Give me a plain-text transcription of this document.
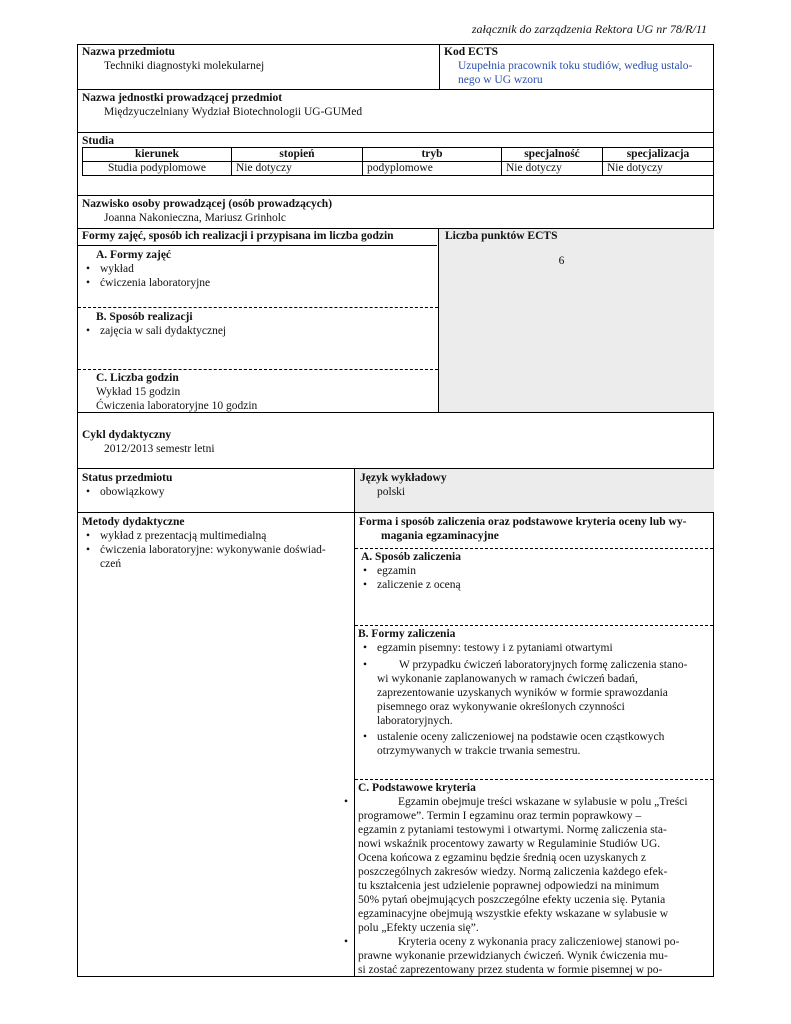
załącznik do zarządzenia Rektora UG nr 78/R/11
Nazwa przedmiotu
Techniki diagnostyki molekularnej
Kod ECTS
Uzupełnia pracownik toku studiów, według ustalo-
nego w UG wzoru
Nazwa jednostki prowadzącej przedmiot
Międzyuczelniany Wydział Biotechnologii UG-GUMed
Studia
kierunek	stopień	tryb	specjalność	specjalizacja
Studia podyplomowe	Nie dotyczy	podyplomowe	Nie dotyczy	Nie dotyczy
Nazwisko osoby prowadzącej (osób prowadzących)
Joanna Nakonieczna, Mariusz Grinholc
Liczba punktów ECTS
6
Formy zajęć, sposób ich realizacji i przypisana im liczba godzin
A. Formy zajęć
• wykład
• ćwiczenia laboratoryjne
B. Sposób realizacji
• zajęcia w sali dydaktycznej
C. Liczba godzin
Wykład 15 godzin
Ćwiczenia laboratoryjne 10 godzin
Cykl dydaktyczny
2012/2013 semestr letni
Status przedmiotu
• obowiązkowy
Język wykładowy
polski
Metody dydaktyczne
• wykład z prezentacją multimedialną
• ćwiczenia laboratoryjne: wykonywanie doświad-
czeń
Forma i sposób zaliczenia oraz podstawowe kryteria oceny lub wy-
magania egzaminacyjne
A. Sposób zaliczenia
• egzamin
• zaliczenie z oceną
B. Formy zaliczenia
• egzamin pisemny: testowy i z pytaniami otwartymi
• W przypadku ćwiczeń laboratoryjnych formę zaliczenia stano-
wi wykonanie zaplanowanych w ramach ćwiczeń badań,
zaprezentowanie uzyskanych wyników w formie sprawozdania
pisemnego oraz wykonywanie określonych czynności
laboratoryjnych.
• ustalenie oceny zaliczeniowej na podstawie ocen cząstkowych
otrzymywanych w trakcie trwania semestru.
C. Podstawowe kryteria
• Egzamin obejmuje treści wskazane w sylabusie w polu „Treści
programowe”. Termin I egzaminu oraz termin poprawkowy –
egzamin z pytaniami testowymi i otwartymi. Normę zaliczenia sta-
nowi wskaźnik procentowy zawarty w Regulaminie Studiów UG.
Ocena końcowa z egzaminu będzie średnią ocen uzyskanych z
poszczególnych zakresów wiedzy. Normą zaliczenia każdego efek-
tu kształcenia jest udzielenie poprawnej odpowiedzi na minimum
50% pytań obejmujących poszczególne efekty uczenia się. Pytania
egzaminacyjne obejmują wszystkie efekty wskazane w sylabusie w
polu „Efekty uczenia się”.
• Kryteria oceny z wykonania pracy zaliczeniowej stanowi po-
prawne wykonanie przewidzianych ćwiczeń. Wynik ćwiczenia mu-
si zostać zaprezentowany przez studenta w formie pisemnej w po-
